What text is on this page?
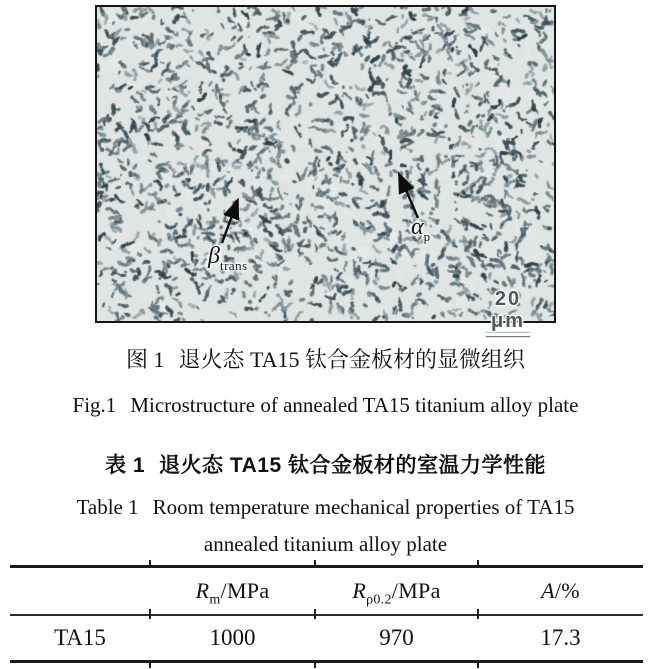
$\beta_{trans}$
$\alpha_p$
20 μm
图 1 退火态 TA15 钛合金板材的显微组织
Fig.1 Microstructure of annealed TA15 titanium alloy plate
表 1 退火态 TA15 钛合金板材的室温力学性能
Table 1 Room temperature mechanical properties of TA15
annealed titanium alloy plate
	$R_m$/MPa	$R_{\rho 0.2}$/MPa	A/%
TA15	1000	970	17.3
